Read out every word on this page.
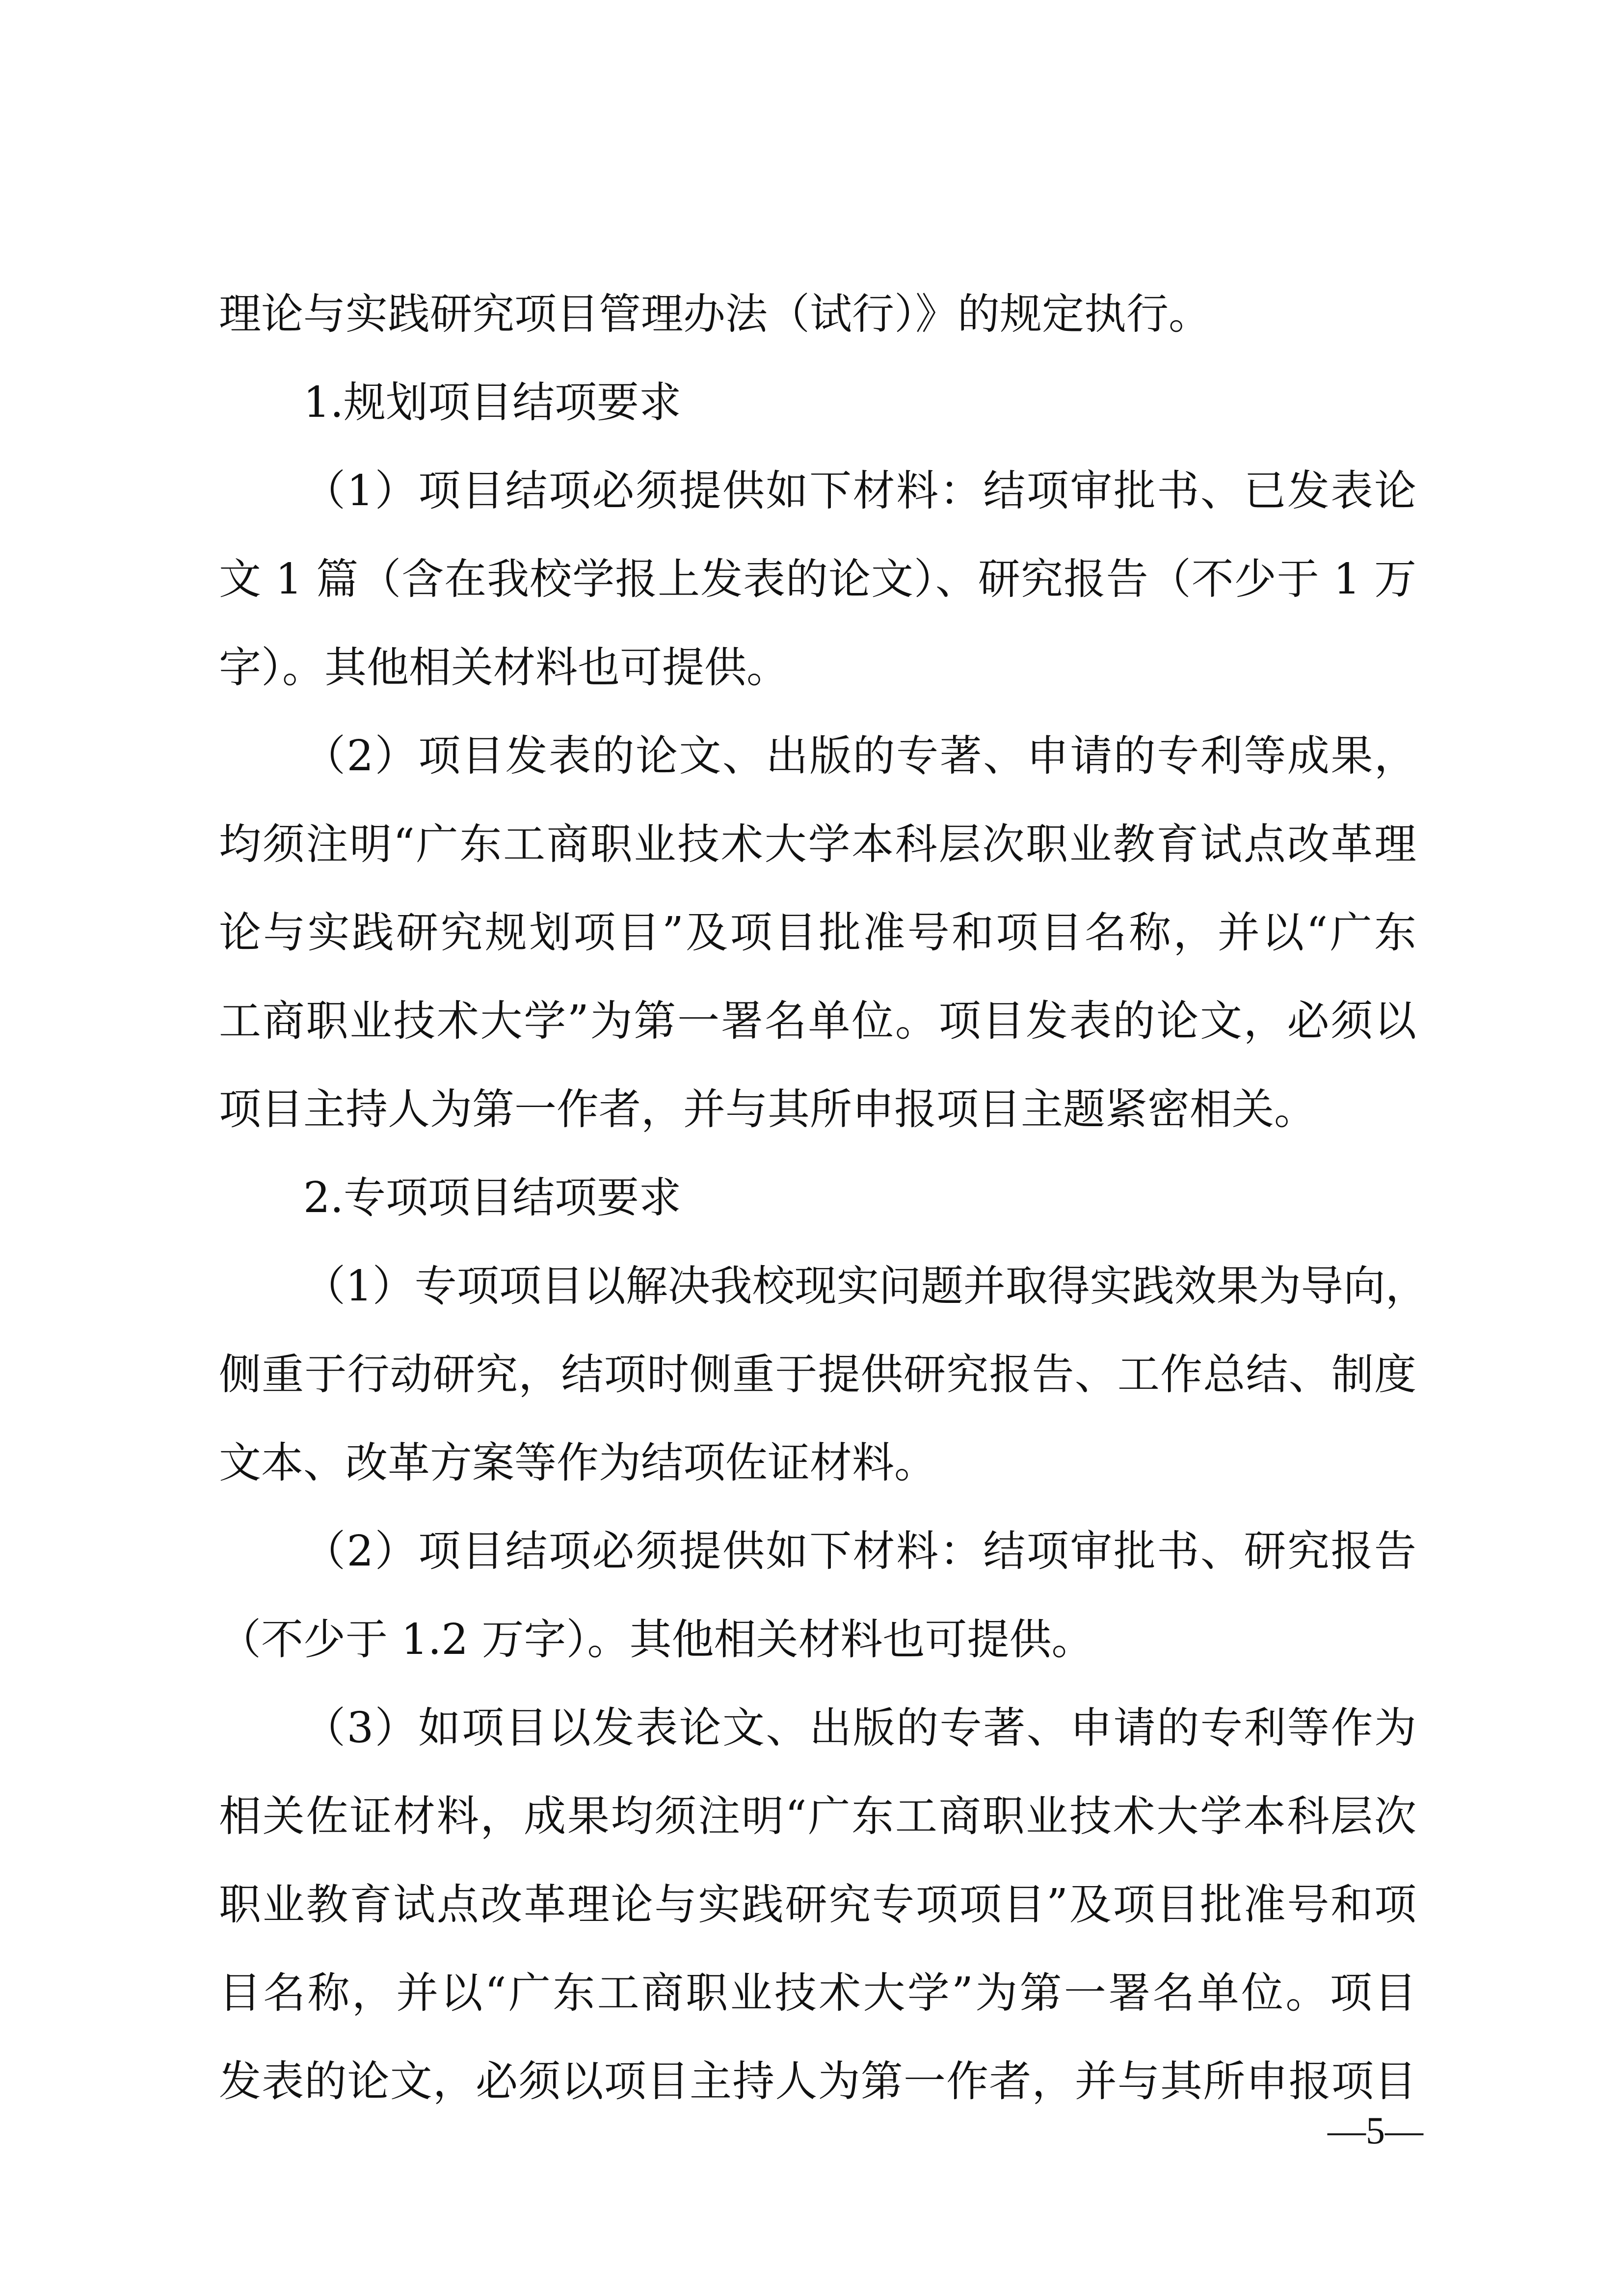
理论与实践研究项目管理办法（试行）》的规定执行。
1.规划项目结项要求
（1）项目结项必须提供如下材料：结项审批书、已发表论
文 1 篇（含在我校学报上发表的论文）、研究报告（不少于 1 万
字）。其他相关材料也可提供。
（2）项目发表的论文、出版的专著、申请的专利等成果，
均须注明“广东工商职业技术大学本科层次职业教育试点改革理
论与实践研究规划项目”及项目批准号和项目名称，并以“广东
工商职业技术大学”为第一署名单位。项目发表的论文，必须以
项目主持人为第一作者，并与其所申报项目主题紧密相关。
2.专项项目结项要求
（1）专项项目以解决我校现实问题并取得实践效果为导向，
侧重于行动研究，结项时侧重于提供研究报告、工作总结、制度
文本、改革方案等作为结项佐证材料。
（2）项目结项必须提供如下材料：结项审批书、研究报告
（不少于 1.2 万字）。其他相关材料也可提供。
（3）如项目以发表论文、出版的专著、申请的专利等作为
相关佐证材料，成果均须注明“广东工商职业技术大学本科层次
职业教育试点改革理论与实践研究专项项目”及项目批准号和项
目名称，并以“广东工商职业技术大学”为第一署名单位。项目
发表的论文，必须以项目主持人为第一作者，并与其所申报项目
—5—
